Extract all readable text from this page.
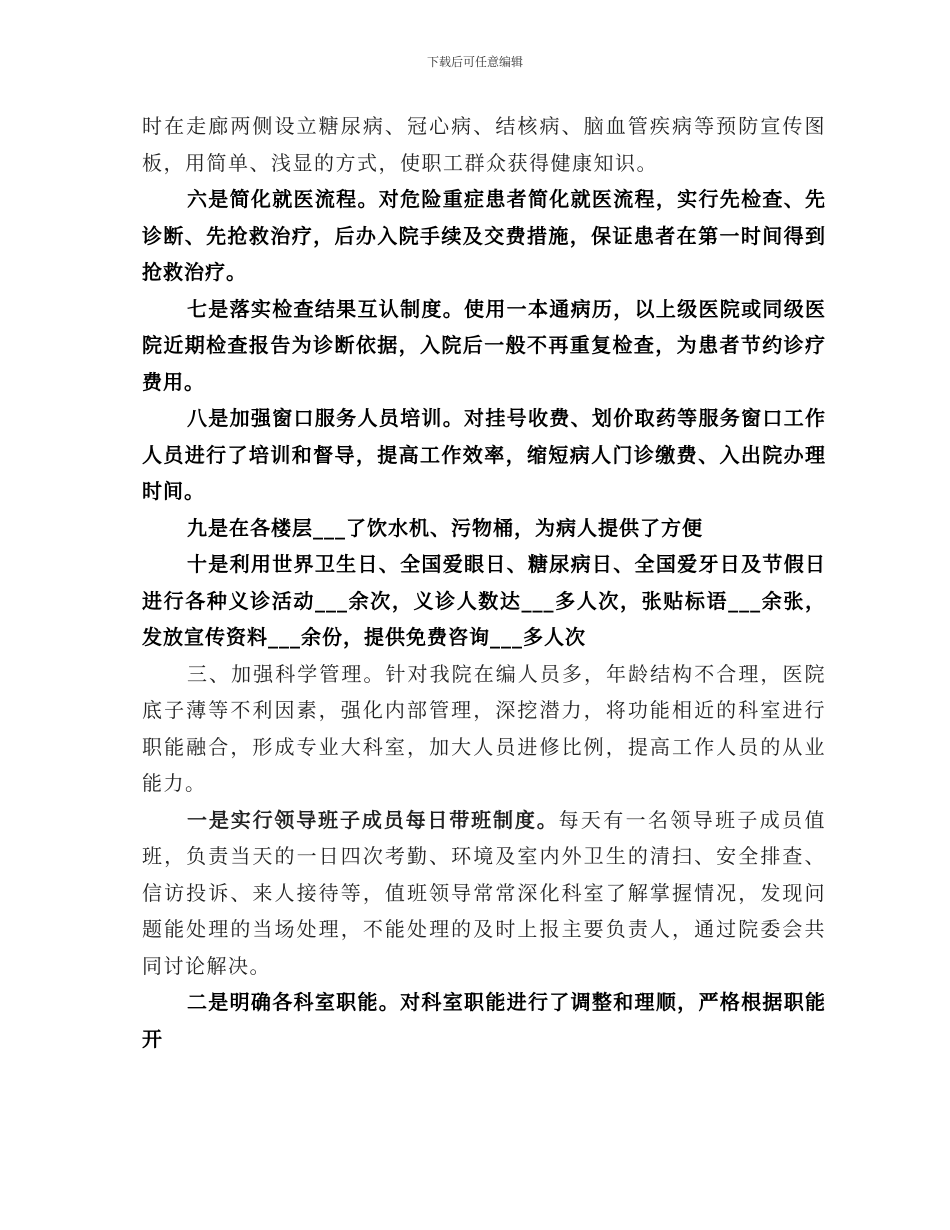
下载后可任意编辑

时在走廊两侧设立糖尿病、冠心病、结核病、脑血管疾病等预防宣传图板，用简单、浅显的方式，使职工群众获得健康知识。

六是简化就医流程。对危险重症患者简化就医流程，实行先检查、先诊断、先抢救治疗，后办入院手续及交费措施，保证患者在第一时间得到抢救治疗。

七是落实检查结果互认制度。使用一本通病历，以上级医院或同级医院近期检查报告为诊断依据，入院后一般不再重复检查，为患者节约诊疗费用。

八是加强窗口服务人员培训。对挂号收费、划价取药等服务窗口工作人员进行了培训和督导，提高工作效率，缩短病人门诊缴费、入出院办理时间。

九是在各楼层___了饮水机、污物桶，为病人提供了方便

十是利用世界卫生日、全国爱眼日、糖尿病日、全国爱牙日及节假日进行各种义诊活动___余次，义诊人数达___多人次，张贴标语___余张，发放宣传资料___余份，提供免费咨询___多人次

三、加强科学管理。针对我院在编人员多，年龄结构不合理，医院底子薄等不利因素，强化内部管理，深挖潜力，将功能相近的科室进行职能融合，形成专业大科室，加大人员进修比例，提高工作人员的从业能力。

一是实行领导班子成员每日带班制度。每天有一名领导班子成员值班，负责当天的一日四次考勤、环境及室内外卫生的清扫、安全排查、信访投诉、来人接待等，值班领导常常深化科室了解掌握情况，发现问题能处理的当场处理，不能处理的及时上报主要负责人，通过院委会共同讨论解决。

二是明确各科室职能。对科室职能进行了调整和理顺，严格根据职能开
